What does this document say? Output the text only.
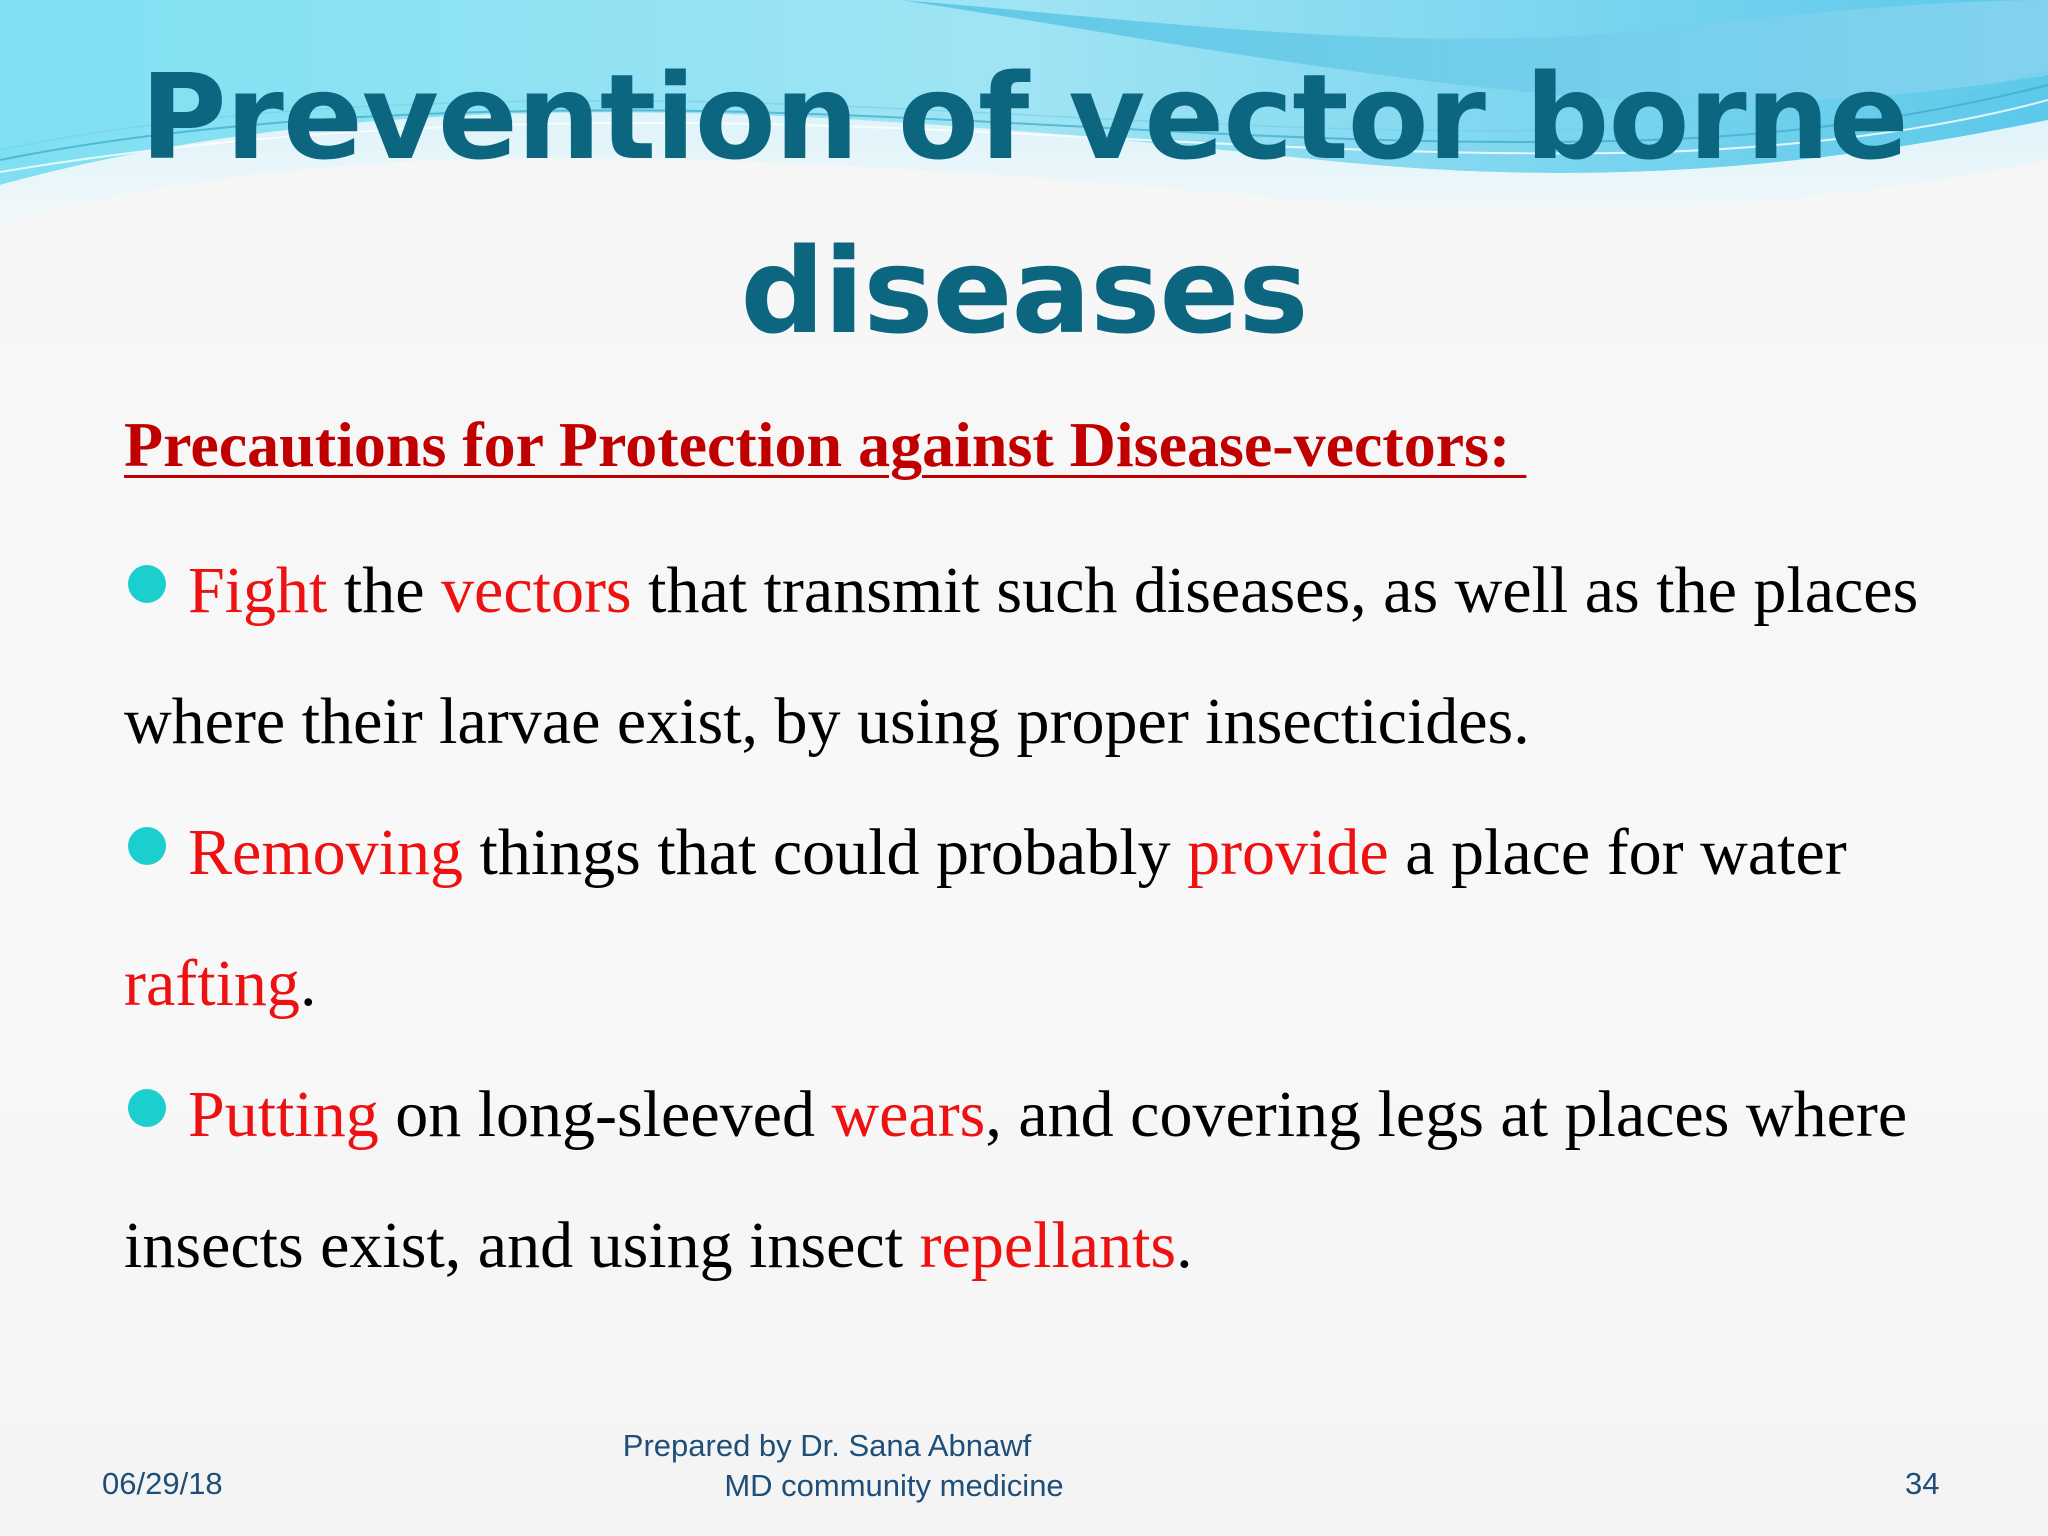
Prevention of vector borne
diseases
Precautions for Protection against Disease-vectors:

Fight the vectors that transmit such diseases, as well as the places where their larvae exist, by using proper insecticides.

Removing things that could probably provide a place for water rafting.

Putting on long-sleeved wears, and covering legs at places where insects exist, and using insect repellants.

06/29/18
Prepared by Dr. Sana Abnawf
MD community medicine	34
